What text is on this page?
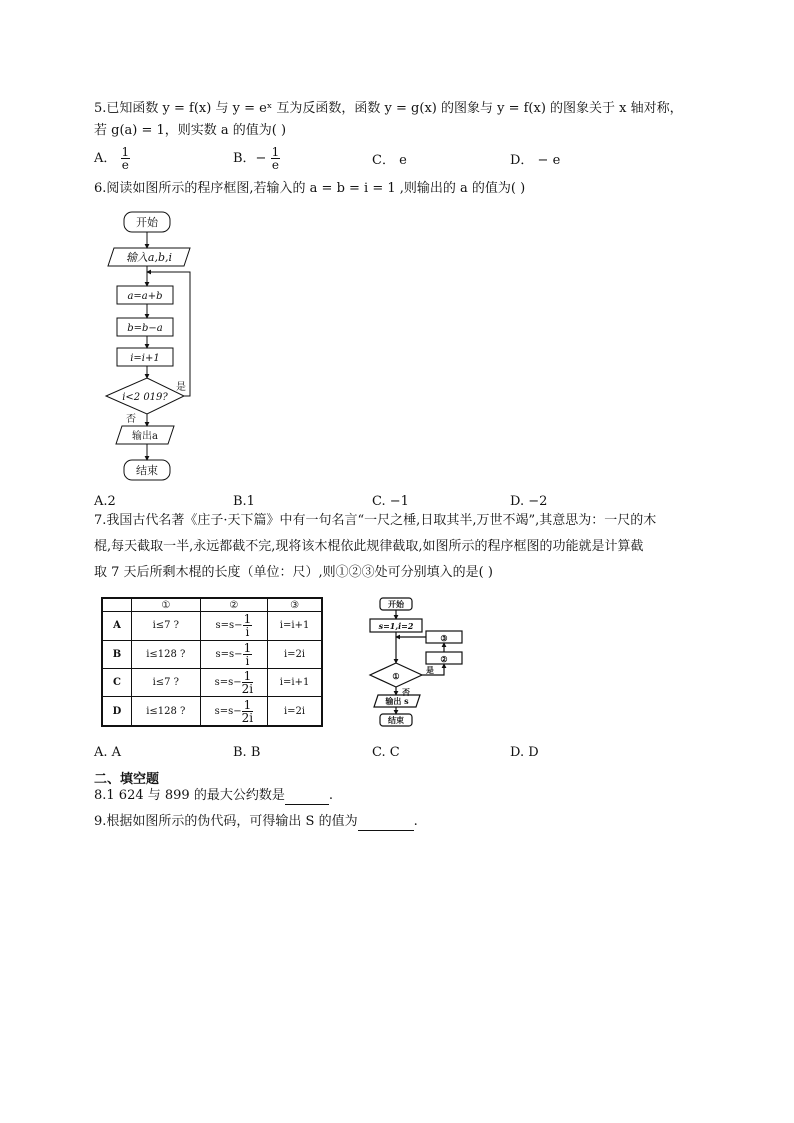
5.已知函数 y = f(x) 与 y = eˣ 互为反函数，函数 y = g(x) 的图象与 y = f(x) 的图象关于 x 轴对称，
若 g(a) = 1，则实数 a 的值为( )
A． $\frac{1}{e}$	B．− $\frac{1}{e}$	C． e	D． − e
6.阅读如图所示的程序框图,若输入的 a = b = i = 1 ,则输出的 a 的值为( )
开始
输入a,b,i
a=a+b
b=b−a
i=i+1
i<2 019?
是
否
输出a
结束
A.2	B.1	C. −1	D. −2
7.我国古代名著《庄子·天下篇》中有一句名言“一尺之棰,日取其半,万世不竭”,其意思为：一尺的木
棍,每天截取一半,永远都截不完,现将该木棍依此规律截取,如图所示的程序框图的功能就是计算截
取 7 天后所剩木棍的长度（单位：尺）,则①②③处可分别填入的是( )
	①	②	③
A	i≤7 ?	$s=s- \frac{1}{i}$	i=i+1
B	i≤128 ?	$s=s- \frac{1}{i}$	i=2i
C	i≤7 ?	$s=s- \frac{1}{2i}$	i=i+1
D	i≤128 ?	$s=s- \frac{1}{2i}$	i=2i
开始
s=1,i=2
③
②
①
是
否
输出 s
结束
A. A	B. B	C. C	D. D
二、填空题
8.1 624 与 899 的最大公约数是	.
9.根据如图所示的伪代码，可得输出 S 的值为	.
